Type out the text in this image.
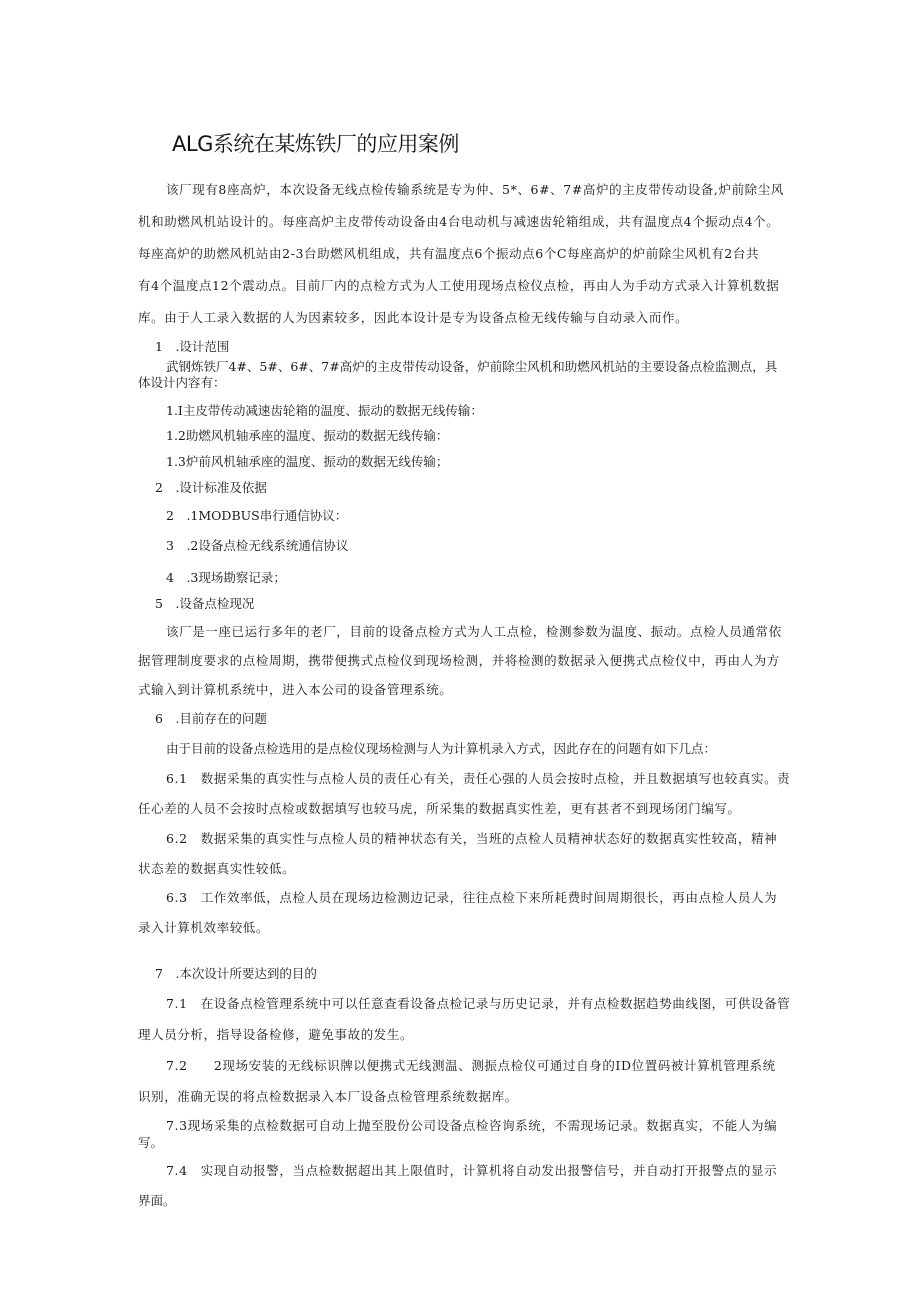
ALG系统在某炼铁厂的应用案例
该厂现有8座高炉，本次设备无线点检传输系统是专为仲、5*、6#、7#高炉的主皮带传动设备,炉前除尘风
机和助燃风机站设计的。每座高炉主皮带传动设备由4台电动机与减速齿轮箱组成，共有温度点4个振动点4个。
每座高炉的助燃风机站由2-3台助燃风机组成，共有温度点6个振动点6个C每座高炉的炉前除尘风机有2台共
有4个温度点12个震动点。目前厂内的点检方式为人工使用现场点检仪点检，再由人为手动方式录入计算机数据
库。由于人工录入数据的人为因素较多，因此本设计是专为设备点检无线传输与自动录入而作。
1　.设计范围
武钢炼铁厂4#、5#、6#、7#高炉的主皮带传动设备，炉前除尘风机和助燃风机站的主要设备点检监测点，具
体设计内容有：
1.I主皮带传动减速齿轮箱的温度、振动的数据无线传输：
1.2助燃风机轴承座的温度、振动的数据无线传输：
1.3炉前风机轴承座的温度、振动的数据无线传输；
2　.设计标准及依据
2　.1MODBUS串行通信协议：
3　.2设备点检无线系统通信协议
4　.3现场勘察记录；
5　.设备点检现况
该厂是一座已运行多年的老厂，目前的设备点检方式为人工点检，检测参数为温度、振动。点检人员通常依
据管理制度要求的点检周期，携带便携式点检仪到现场检测，并将检测的数据录入便携式点检仪中，再由人为方
式输入到计算机系统中，进入本公司的设备管理系统。
6　.目前存在的问题
由于目前的设备点检选用的是点检仪现场检测与人为计算机录入方式，因此存在的问题有如下几点：
6.1　数据采集的真实性与点检人员的责任心有关，责任心强的人员会按时点检，并且数据填写也较真实。责
任心差的人员不会按时点检或数据填写也较马虎，所采集的数据真实性差，更有甚者不到现场闭门编写。
6.2　数据采集的真实性与点检人员的精神状态有关，当班的点检人员精神状态好的数据真实性较高，精神
状态差的数据真实性较低。
6.3　工作效率低，点检人员在现场边检测边记录，往往点检下来所耗费时间周期很长，再由点检人员人为
录入计算机效率较低。
7　.本次设计所要达到的目的
7.1　在设备点检管理系统中可以任意查看设备点检记录与历史记录，并有点检数据趋势曲线图，可供设备管
理人员分析，指导设备检修，避免事故的发生。
7.2　　2现场安装的无线标识牌以便携式无线测温、测振点检仪可通过自身的ID位置码被计算机管理系统
识别，准确无误的将点检数据录入本厂设备点检管理系统数据库。
7.3现场采集的点检数据可自动上抛至股份公司设备点检咨询系统，不需现场记录。数据真实，不能人为编
写。
7.4　实现自动报警，当点检数据超出其上限值时，计算机将自动发出报警信号，并自动打开报警点的显示
界面。
